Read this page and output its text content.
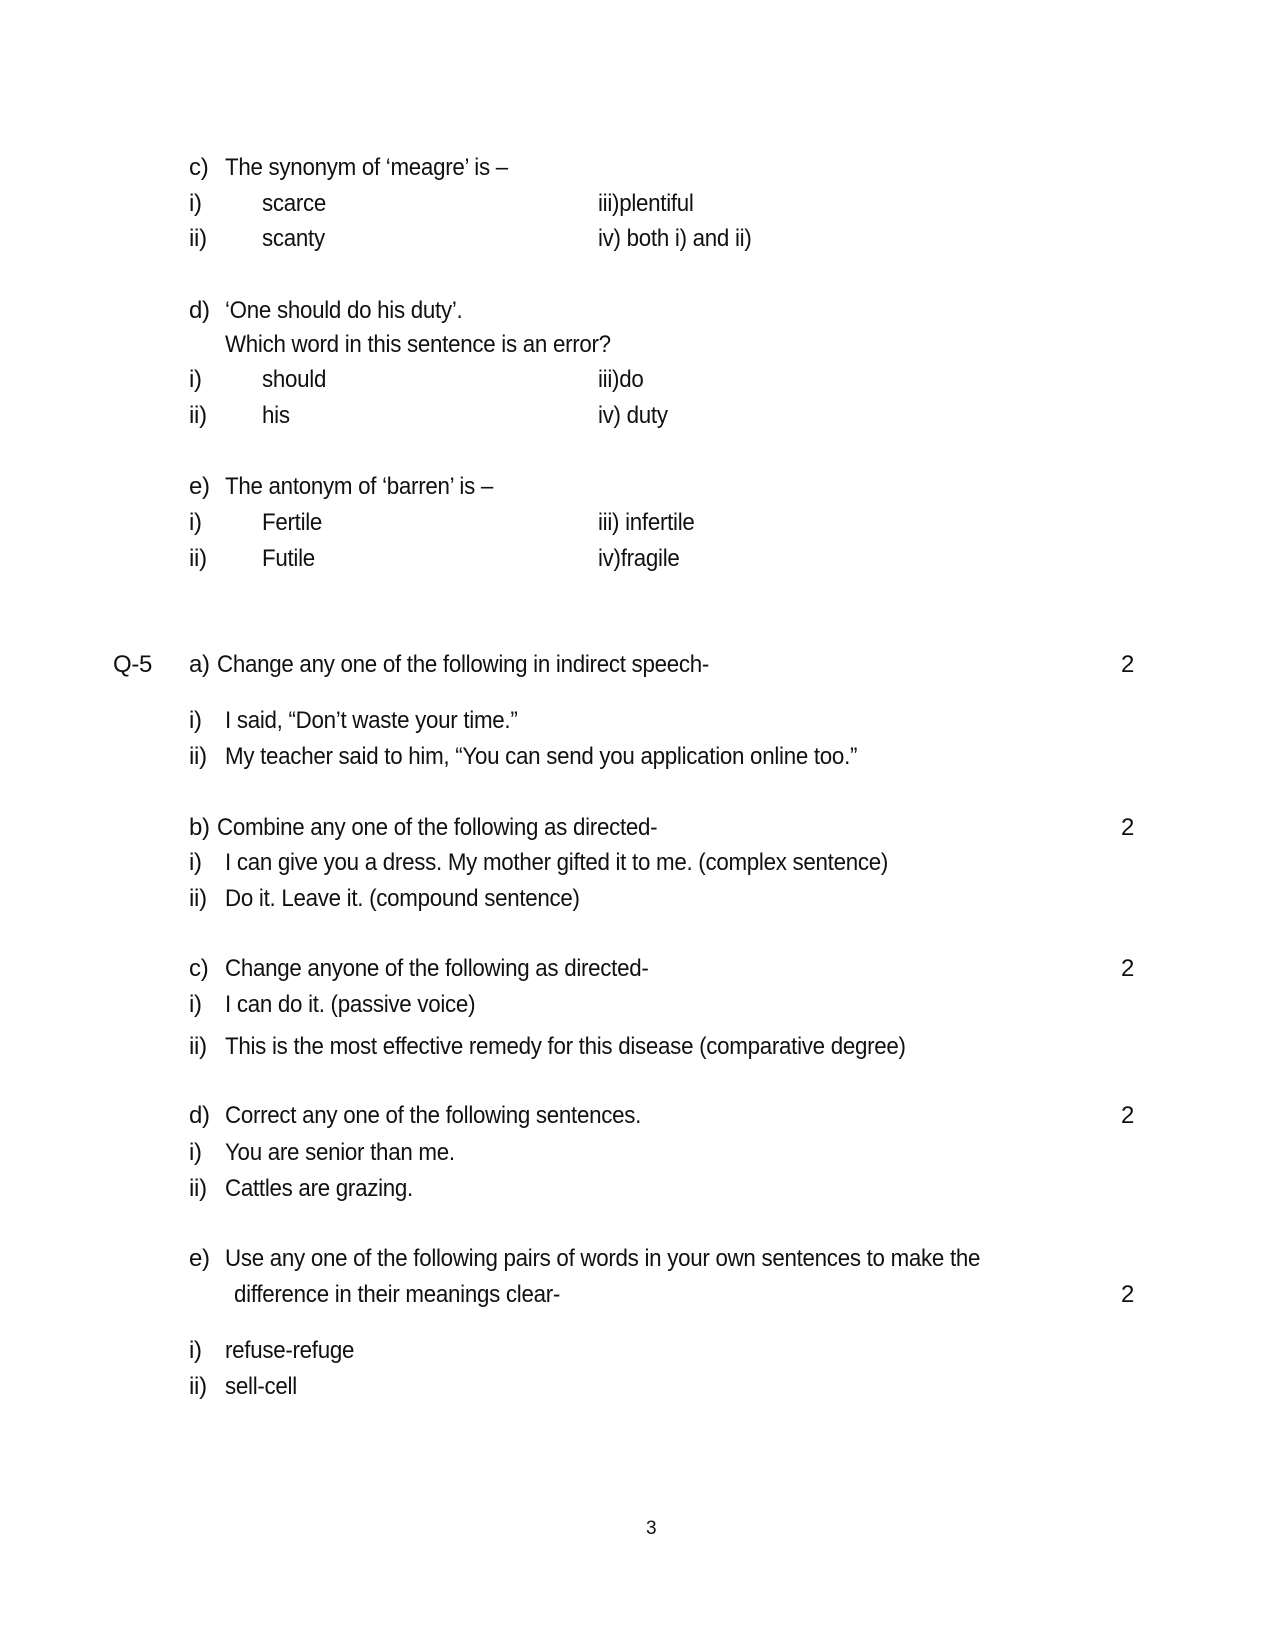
c) The synonym of ‘meagre’ is –
i)	scarce	iii)plentiful
ii) scanty	iv) both i) and ii)
d) ‘One should do his duty’.
Which word in this sentence is an error?
i)	should	iii)do
ii) his	iv) duty
e) The antonym of ‘barren’ is –
i)	Fertile	iii) infertile
ii) Futile	iv)fragile
Q-5 a) Change any one of the following in indirect speech-	2
i) I said, “Don’t waste your time.”
ii) My teacher said to him, “You can send you application online too.”
b) Combine any one of the following as directed-	2
i) I can give you a dress. My mother gifted it to me. (complex sentence)
ii) Do it. Leave it. (compound sentence)
c) Change anyone of the following as directed-	2
i) I can do it. (passive voice)
ii) This is the most effective remedy for this disease (comparative degree)
d) Correct any one of the following sentences.	2
i) You are senior than me.
ii) Cattles are grazing.
e) Use any one of the following pairs of words in your own sentences to make the
difference in their meanings clear-	2
i) refuse-refuge
ii) sell-cell
3
